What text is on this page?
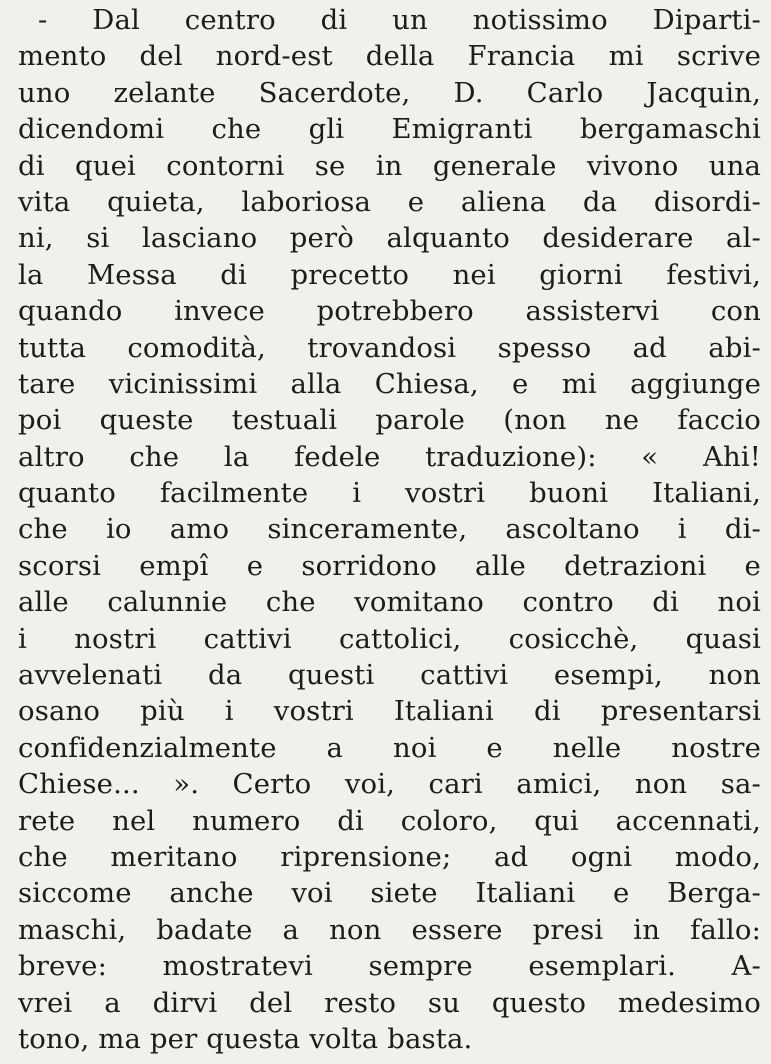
- Dal centro di un notissimo Diparti-
mento del nord-est della Francia mi scrive
uno zelante Sacerdote, D. Carlo Jacquin,
dicendomi che gli Emigranti bergamaschi
di quei contorni se in generale vivono una
vita quieta, laboriosa e aliena da disordi-
ni, si lasciano però alquanto desiderare al-
la Messa di precetto nei giorni festivi,
quando invece potrebbero assistervi con
tutta comodità, trovandosi spesso ad abi-
tare vicinissimi alla Chiesa, e mi aggiunge
poi queste testuali parole (non ne faccio
altro che la fedele traduzione): « Ahi!
quanto facilmente i vostri buoni Italiani,
che io amo sinceramente, ascoltano i di-
scorsi empî e sorridono alle detrazioni e
alle calunnie che vomitano contro di noi
i nostri cattivi cattolici, cosicchè, quasi
avvelenati da questi cattivi esempi, non
osano più i vostri Italiani di presentarsi
confidenzialmente a noi e nelle nostre
Chiese... ». Certo voi, cari amici, non sa-
rete nel numero di coloro, qui accennati,
che meritano riprensione; ad ogni modo,
siccome anche voi siete Italiani e Berga-
maschi, badate a non essere presi in fallo:
breve: mostratevi sempre esemplari. A-
vrei a dirvi del resto su questo medesimo
tono, ma per questa volta basta.
